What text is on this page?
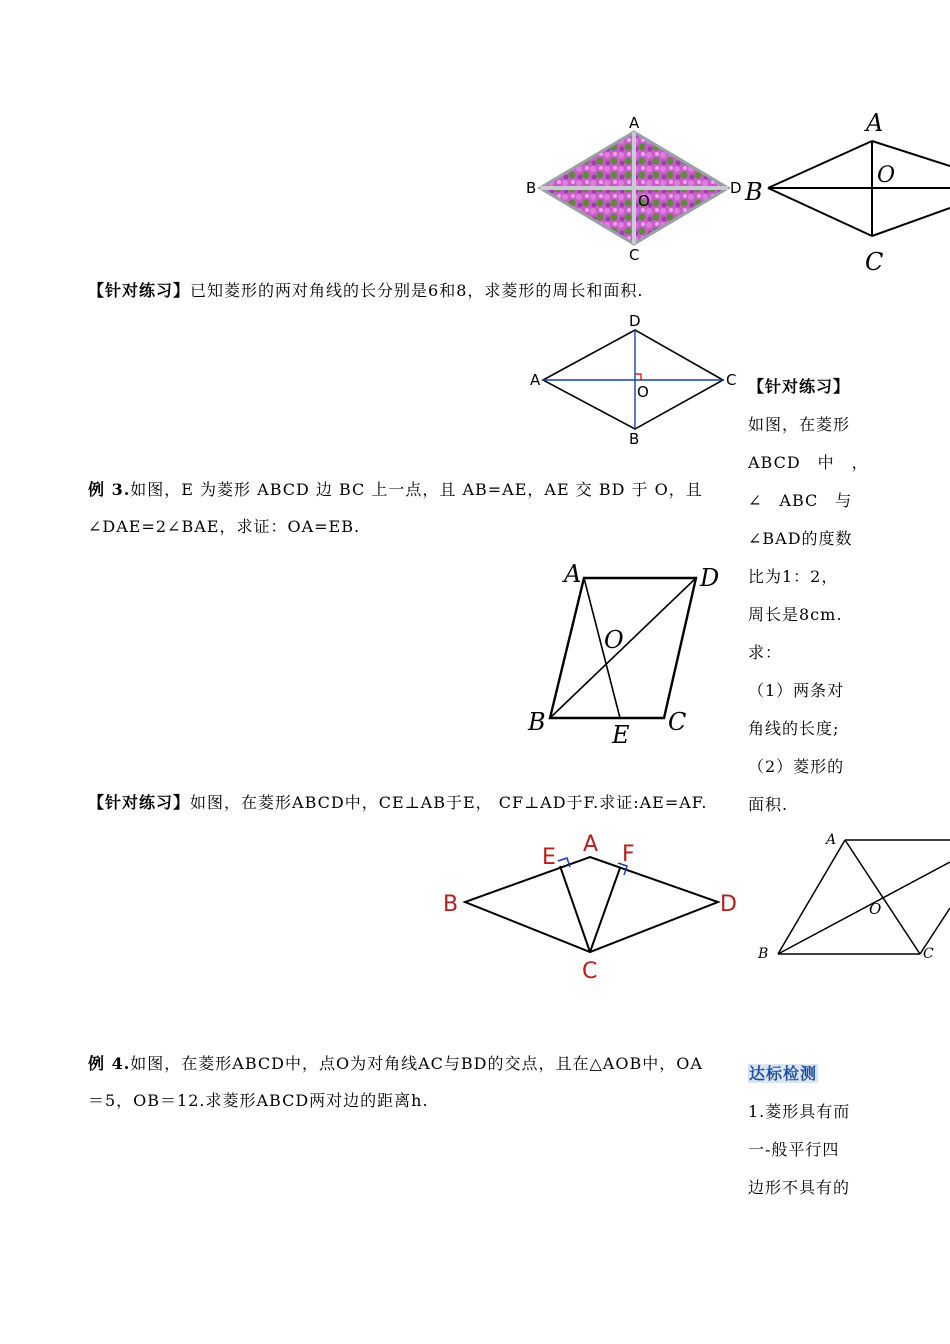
A
B	D
O
C
A
B
O
C
【针对练习】已知菱形的两对角线的长分别是6和8，求菱形的周长和面积.
D
A	C
O
B
例 3.如图，E 为菱形 ABCD 边 BC 上一点，且 AB=AE，AE 交 BD 于 O，且
∠DAE=2∠BAE，求证：OA=EB.
A	D
O
B	E C
【针对练习】如图，在菱形ABCD中，CE⊥AB于E， CF⊥AD于F.求证:AE=AF.
A
E	F
B	D
C
A
O
B	C
例 4.如图，在菱形ABCD中，点O为对角线AC与BD的交点，且在△AOB中，OA
＝5，OB＝12.求菱形ABCD两对边的距离h.
【针对练习】
如图，在菱形
ABCD　中　，
∠　ABC　与
∠BAD的度数
比为1：2，
周长是8cm.
求：
（1）两条对
角线的长度;
（2）菱形的
面积.
达标检测
1.菱形具有而
一-般平行四
边形不具有的
